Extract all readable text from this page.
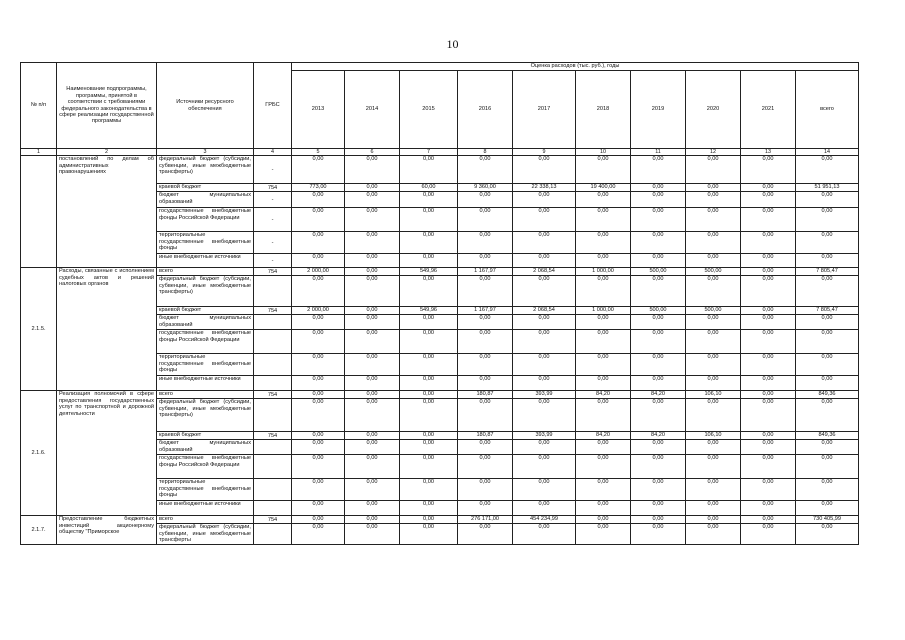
10
№ п/п	Наименование подпрограммы, программы, принятой в соответствии с требованиями федерального законодательства в сфере реализации государственной программы	Источники ресурсного обеспечения	ГРБС	Оценка расходов (тыс. руб.), годы									
				2013	2014	2015	2016	2017	2018	2019	2020	2021	всего
1	2	3	4	5	6	7	8	9	10	11	12	13	14
	постановлений по делам об административных правонарушениях	федеральный бюджет (субсидии, субвенции, иные межбюджетные трансферты)	-	0,00	0,00	0,00	0,00	0,00	0,00	0,00	0,00	0,00	0,00
		краевой бюджет	754	773,00	0,00	60,00	9 360,00	22 338,13	19 400,00	0,00	0,00	0,00	51 951,13
		бюджет муниципальных образований	-	0,00	0,00	0,00	0,00	0,00	0,00	0,00	0,00	0,00	0,00
		государственные внебюджетные фонды Российской Федерации	-	0,00	0,00	0,00	0,00	0,00	0,00	0,00	0,00	0,00	0,00
		территориальные государственные внебюджетные фонды	-	0,00	0,00	0,00	0,00	0,00	0,00	0,00	0,00	0,00	0,00
		иные внебюджетные источники	-	0,00	0,00	0,00	0,00	0,00	0,00	0,00	0,00	0,00	0,00
2.1.5.	Расходы, связанные с исполнением судебных актов и решений налоговых органов	всего	754	2 000,00	0,00	549,96	1 167,97	2 068,54	1 000,00	500,00	500,00	0,00	7 805,47
		федеральный бюджет (субсидии, субвенции, иные межбюджетные трансферты)		0,00	0,00	0,00	0,00	0,00	0,00	0,00	0,00	0,00	0,00
		краевой бюджет	754	2 000,00	0,00	549,96	1 167,97	2 068,54	1 000,00	500,00	500,00	0,00	7 805,47
		бюджет муниципальных образований		0,00	0,00	0,00	0,00	0,00	0,00	0,00	0,00	0,00	0,00
		государственные внебюджетные фонды Российской Федерации		0,00	0,00	0,00	0,00	0,00	0,00	0,00	0,00	0,00	0,00
		территориальные государственные внебюджетные фонды		0,00	0,00	0,00	0,00	0,00	0,00	0,00	0,00	0,00	0,00
		иные внебюджетные источники		0,00	0,00	0,00	0,00	0,00	0,00	0,00	0,00	0,00	0,00
2.1.6.	Реализация полномочий в сфере предоставления государственных услуг по транспортной и дорожной деятельности	всего	754	0,00	0,00	0,00	180,87	393,99	84,20	84,20	106,10	0,00	849,36
		федеральный бюджет (субсидии, субвенции, иные межбюджетные трансферты)		0,00	0,00	0,00	0,00	0,00	0,00	0,00	0,00	0,00	0,00
		краевой бюджет	754	0,00	0,00	0,00	180,87	393,99	84,20	84,20	106,10	0,00	849,36
		бюджет муниципальных образований		0,00	0,00	0,00	0,00	0,00	0,00	0,00	0,00	0,00	0,00
		государственные внебюджетные фонды Российской Федерации		0,00	0,00	0,00	0,00	0,00	0,00	0,00	0,00	0,00	0,00
		территориальные государственные внебюджетные фонды		0,00	0,00	0,00	0,00	0,00	0,00	0,00	0,00	0,00	0,00
		иные внебюджетные источники		0,00	0,00	0,00	0,00	0,00	0,00	0,00	0,00	0,00	0,00
2.1.7.	Предоставление бюджетных инвестиций акционерному обществу "Приморское	всего	754	0,00	0,00	0,00	276 171,00	454 234,99	0,00	0,00	0,00	0,00	730 405,99
		федеральный бюджет (субсидии, субвенции, иные межбюджетные трансферты		0,00	0,00	0,00	0,00	0,00	0,00	0,00	0,00	0,00	0,00
